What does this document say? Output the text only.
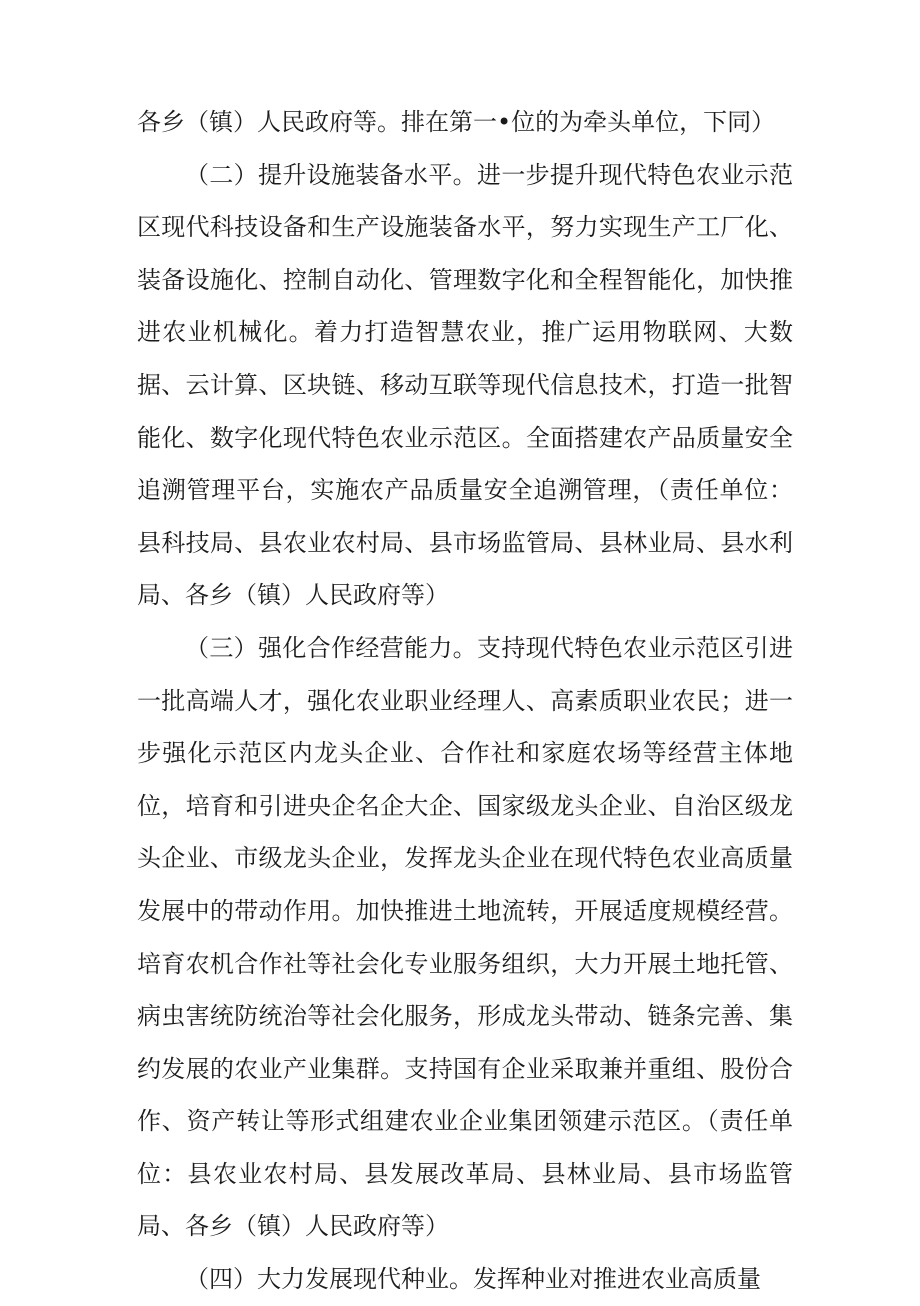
各乡（镇）人民政府等。排在第一•位的为牵头单位，下同）

（二）提升设施装备水平。进一步提升现代特色农业示范区现代科技设备和生产设施装备水平，努力实现生产工厂化、装备设施化、控制自动化、管理数字化和全程智能化，加快推进农业机械化。着力打造智慧农业，推广运用物联网、大数据、云计算、区块链、移动互联等现代信息技术，打造一批智能化、数字化现代特色农业示范区。全面搭建农产品质量安全追溯管理平台，实施农产品质量安全追溯管理，（责任单位：县科技局、县农业农村局、县市场监管局、县林业局、县水利局、各乡（镇）人民政府等）

（三）强化合作经营能力。支持现代特色农业示范区引进一批高端人才，强化农业职业经理人、高素质职业农民；进一步强化示范区内龙头企业、合作社和家庭农场等经营主体地位，培育和引进央企名企大企、国家级龙头企业、自治区级龙头企业、市级龙头企业，发挥龙头企业在现代特色农业高质量发展中的带动作用。加快推进土地流转，开展适度规模经营。培育农机合作社等社会化专业服务组织，大力开展土地托管、病虫害统防统治等社会化服务，形成龙头带动、链条完善、集约发展的农业产业集群。支持国有企业采取兼并重组、股份合作、资产转让等形式组建农业企业集团领建示范区。（责任单位：县农业农村局、县发展改革局、县林业局、县市场监管局、各乡（镇）人民政府等）

（四）大力发展现代种业。发挥种业对推进农业高质量
